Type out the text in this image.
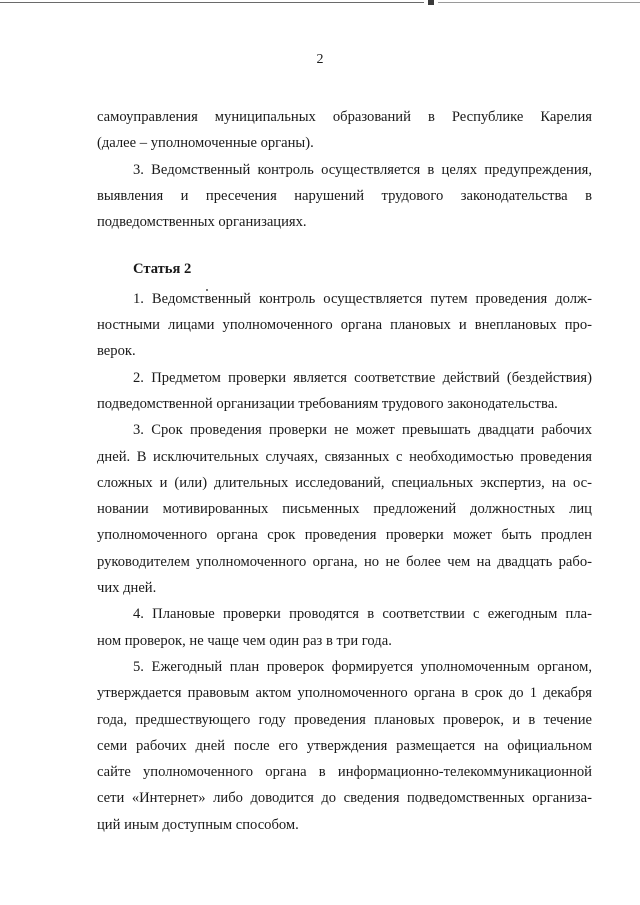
2
самоуправления муниципальных образований в Республике Карелия
(далее – уполномоченные органы).
3. Ведомственный контроль осуществляется в целях предупреждения,
выявления и пресечения нарушений трудового законодательства в
подведомственных организациях.
Статья 2
1. Ведомственный контроль осуществляется путем проведения долж-
ностными лицами уполномоченного органа плановых и внеплановых про-
верок.
2. Предметом проверки является соответствие действий (бездействия)
подведомственной организации требованиям трудового законодательства.
3. Срок проведения проверки не может превышать двадцати рабочих
дней. В исключительных случаях, связанных с необходимостью проведения
сложных и (или) длительных исследований, специальных экспертиз, на ос-
новании мотивированных письменных предложений должностных лиц
уполномоченного органа срок проведения проверки может быть продлен
руководителем уполномоченного органа, но не более чем на двадцать рабо-
чих дней.
4. Плановые проверки проводятся в соответствии с ежегодным пла-
ном проверок, не чаще чем один раз в три года.
5. Ежегодный план проверок формируется уполномоченным органом,
утверждается правовым актом уполномоченного органа в срок до 1 декабря
года, предшествующего году проведения плановых проверок, и в течение
семи рабочих дней после его утверждения размещается на официальном
сайте уполномоченного органа в информационно-телекоммуникационной
сети «Интернет» либо доводится до сведения подведомственных организа-
ций иным доступным способом.
